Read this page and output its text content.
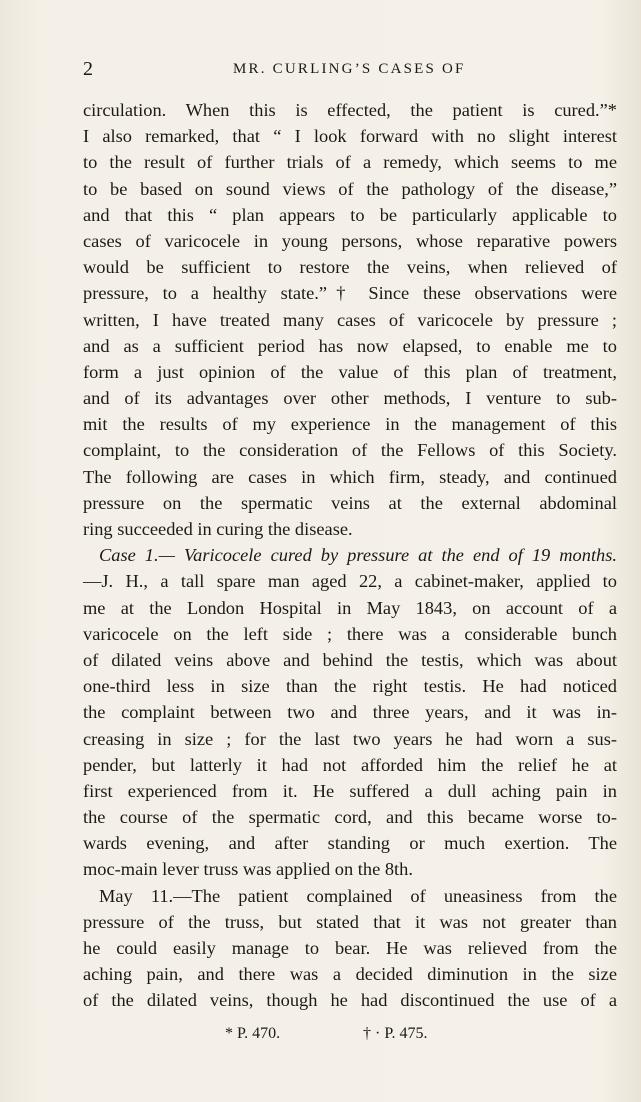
2	MR. CURLING’S CASES OF
circulation. When this is effected, the patient is cured.”*
I also remarked, that “ I look forward with no slight interest
to the result of further trials of a remedy, which seems to me
to be based on sound views of the pathology of the disease,”
and that this “ plan appears to be particularly applicable to
cases of varicocele in young persons, whose reparative powers
would be sufficient to restore the veins, when relieved of
pressure, to a healthy state.”† Since these observations were
written, I have treated many cases of varicocele by pressure ;
and as a sufficient period has now elapsed, to enable me to
form a just opinion of the value of this plan of treatment,
and of its advantages over other methods, I venture to sub-
mit the results of my experience in the management of this
complaint, to the consideration of the Fellows of this Society.
The following are cases in which firm, steady, and continued
pressure on the spermatic veins at the external abdominal
ring succeeded in curing the disease.
Case 1.— Varicocele cured by pressure at the end of 19 months.
—J. H., a tall spare man aged 22, a cabinet-maker, applied to
me at the London Hospital in May 1843, on account of a
varicocele on the left side ; there was a considerable bunch
of dilated veins above and behind the testis, which was about
one-third less in size than the right testis. He had noticed
the complaint between two and three years, and it was in-
creasing in size ; for the last two years he had worn a sus-
pender, but latterly it had not afforded him the relief he at
first experienced from it. He suffered a dull aching pain in
the course of the spermatic cord, and this became worse to-
wards evening, and after standing or much exertion. The
moc-main lever truss was applied on the 8th.
May 11.—The patient complained of uneasiness from the
pressure of the truss, but stated that it was not greater than
he could easily manage to bear. He was relieved from the
aching pain, and there was a decided diminution in the size
of the dilated veins, though he had discontinued the use of a
* P. 470.	† · P. 475.
